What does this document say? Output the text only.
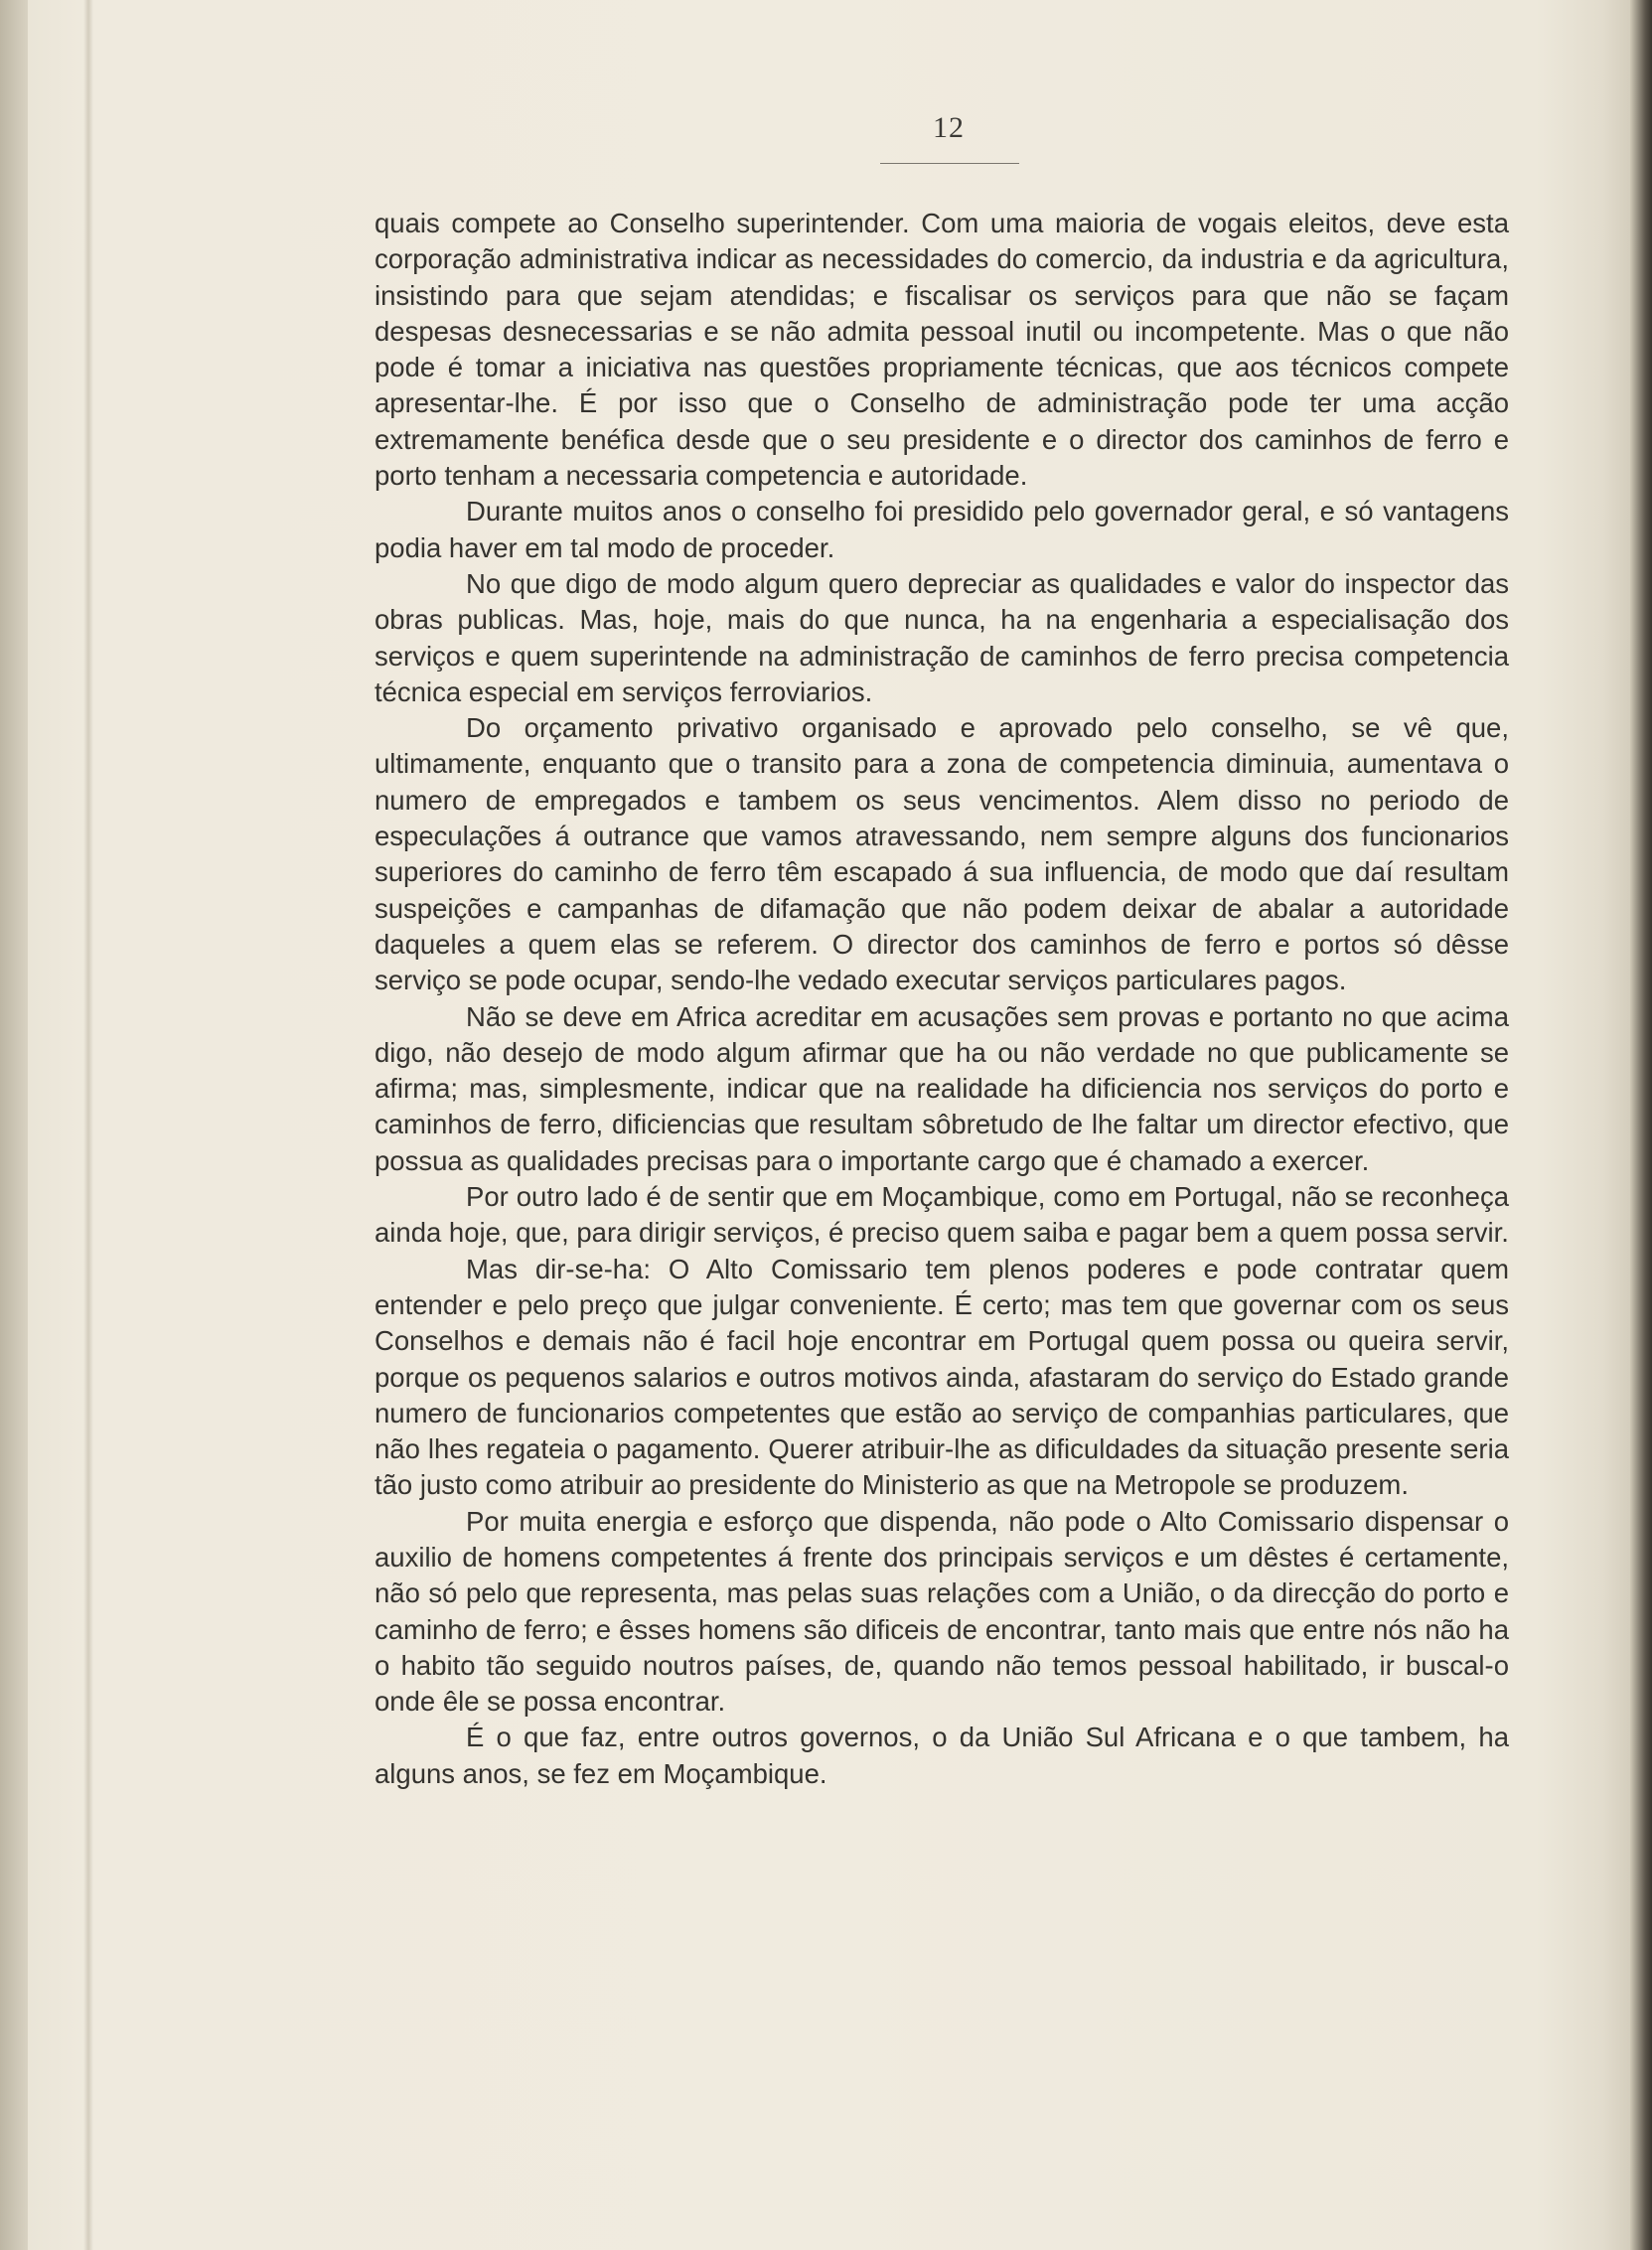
12

quais compete ao Conselho superintender. Com uma maioria de vogais eleitos, deve esta corporação administrativa indicar as necessidades do comercio, da industria e da agricultura, insistindo para que sejam atendidas; e fiscalisar os serviços para que não se façam despesas desnecessarias e se não admita pessoal inutil ou incompetente. Mas o que não pode é tomar a iniciativa nas questões propriamente técnicas, que aos técnicos compete apresentar-lhe. É por isso que o Conselho de administração pode ter uma acção extremamente benéfica desde que o seu presidente e o director dos caminhos de ferro e porto tenham a necessaria competencia e autoridade.

Durante muitos anos o conselho foi presidido pelo governador geral, e só vantagens podia haver em tal modo de proceder.

No que digo de modo algum quero depreciar as qualidades e valor do inspector das obras publicas. Mas, hoje, mais do que nunca, ha na engenharia a especialisação dos serviços e quem superintende na administração de caminhos de ferro precisa competencia técnica especial em serviços ferroviarios.

Do orçamento privativo organisado e aprovado pelo conselho, se vê que, ultimamente, enquanto que o transito para a zona de competencia diminuia, aumentava o numero de empregados e tambem os seus vencimentos. Alem disso no periodo de especulações á outrance que vamos atravessando, nem sempre alguns dos funcionarios superiores do caminho de ferro têm escapado á sua influencia, de modo que daí resultam suspeições e campanhas de difamação que não podem deixar de abalar a autoridade daqueles a quem elas se referem. O director dos caminhos de ferro e portos só dêsse serviço se pode ocupar, sendo-lhe vedado executar serviços particulares pagos.

Não se deve em Africa acreditar em acusações sem provas e portanto no que acima digo, não desejo de modo algum afirmar que ha ou não verdade no que publicamente se afirma; mas, simplesmente, indicar que na realidade ha dificiencia nos serviços do porto e caminhos de ferro, dificiencias que resultam sôbretudo de lhe faltar um director efectivo, que possua as qualidades precisas para o importante cargo que é chamado a exercer.

Por outro lado é de sentir que em Moçambique, como em Portugal, não se reconheça ainda hoje, que, para dirigir serviços, é preciso quem saiba e pagar bem a quem possa servir.

Mas dir-se-ha: O Alto Comissario tem plenos poderes e pode contratar quem entender e pelo preço que julgar conveniente. É certo; mas tem que governar com os seus Conselhos e demais não é facil hoje encontrar em Portugal quem possa ou queira servir, porque os pequenos salarios e outros motivos ainda, afastaram do serviço do Estado grande numero de funcionarios competentes que estão ao serviço de companhias particulares, que não lhes regateia o pagamento. Querer atribuir-lhe as dificuldades da situação presente seria tão justo como atribuir ao presidente do Ministerio as que na Metropole se produzem.

Por muita energia e esforço que dispenda, não pode o Alto Comissario dispensar o auxilio de homens competentes á frente dos principais serviços e um dêstes é certamente, não só pelo que representa, mas pelas suas relações com a União, o da direcção do porto e caminho de ferro; e êsses homens são dificeis de encontrar, tanto mais que entre nós não ha o habito tão seguido noutros países, de, quando não temos pessoal habilitado, ir buscal-o onde êle se possa encontrar.

É o que faz, entre outros governos, o da União Sul Africana e o que tambem, ha alguns anos, se fez em Moçambique.
